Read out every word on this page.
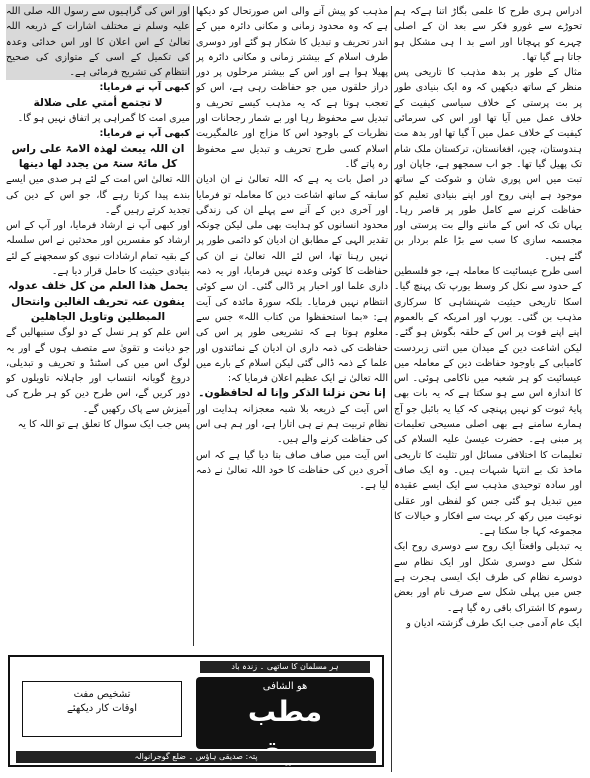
ادراس ہری طرح کا علمی بگاڑ اتنا ہےکہ ہم تحوڑے سے غورو فکر سے بعد ان کے اصلی چہرے کو پہچانا اور اسے بد ا ہی مشکل ہو جاتا ہے گیا تھا۔

مثال کے طور پر بدھ مذہب کا تاریخی پس منظر کے ساتھ دیکھیں کہ وہ ایک بنیادی طور پر بت پرستی کے خلاف سیاسی کیفیت کے خلاف عمل میں آیا تھا اور اس کی سرمائی کیفیت کے خلاف عمل میں آ گیا تھا اور بدھ مت ہندوستان، چین، افغانستان، ترکستان ملک شام تک پھیل گیا تھا۔ جو اب سمجھو ہے، جاپان اور تبت میں اس پوری شان و شوکت کے ساتھ موجود ہے اپنی روح اور اپنے بنیادی تعلیم کو حفاظت کرنے سے کامل طور پر قاصر رہا۔ یہاں تک کہ اس کے ماننے والے بت پرستی اور مجسمہ سازی کا سب سے بڑا علم بردار بن گئے ہیں۔

اسی طرح عیسائیت کا معاملہ ہے، جو فلسطین کے حدود سے نکل کر وسط یورپ تک پہنچ گیا۔ اسکا تاریخی حیثیت شہنشاہی کا سرکاری مذہب بن گئی۔ یورپ اور امریکہ کے بالعموم اپنے اپنے قوت پر اس کے حلقہ بگوش ہو گئے۔ لیکن اشاعت دین کے میدان میں اتنی زبردست کامیابی کے باوجود حفاظت دین کے معاملہ میں عیسائیت کو ہر شعبہ میں ناکامی ہوئی۔ اس کا اندازہ اس سے ہو سکتا ہے کہ یہ بات بھی پایۂ ثبوت کو نہیں پہنچی کہ کیا یہ بائبل جو آج ہمارے سامنے ہے بھی اصلی مسیحی تعلیمات پر مبنی ہے۔ حضرت عیسیٰ علیہ السلام کی تعلیمات کا اختلافی مسائل اور تثلیث کا تاریخی ماخذ تک بے انتہا شبہات ہیں۔ وہ ایک صاف اور سادہ توحیدی مذہب سے ایک ایسے عقیدہ میں تبدیل ہو گئی جس کو لفظی اور عقلی نوعیت میں رکھ کر بہت سے افکار و خیالات کا مجموعہ کہا جا سکتا ہے۔

یہ تبدیلی واقعتاً ایک روح سے دوسری روح ایک شکل سے دوسری شکل اور ایک نظام سے دوسرے نظام کی طرف ایک ایسی ہجرت ہے جس میں پہلی شکل سے صرف نام اور بعض رسوم کا اشتراک باقی رہ گیا ہے۔

ایک عام آدمی جب ایک طرف گزشتہ ادیان و

مذہب کو پیش آنے والی اس صورتحال کو دیکھا ہے کہ وہ محدود زمانی و مکانی دائرہ میں کے اندر تحریف و تبدیل کا شکار ہو گئے اور دوسری طرف اسلام کے بیشتر زمانی و مکانی دائرہ پر پھیلا ہوا ہے اور اس کے بیشتر مرحلوں پر دور دراز حلقوں میں جو حفاظت رہی ہے، اس کو تعجب ہوتا ہے کہ یہ مذہب کیسے تحریف و تبدیل سے محفوظ رہا اور بے شمار رجحانات اور نظریات کے باوجود اس کا مزاج اور عالمگیریت اسلام کسی طرح تحریف و تبدیل سے محفوظ رہ پاتے گا۔

در اصل بات یہ ہے کہ اللہ تعالیٰ نے ان ادیان سابقہ کے ساتھ اشاعت دین کا معاملہ تو فرمایا اور آخری دین کے آنے سے پہلے ان کی زندگی محدود انسانوں کو ہدایت بھی ملی لیکن چونکہ تقدیر الہی کے مطابق ان ادیان کو دائمی طور پر نہیں رہنا تھا، اس لئے اللہ تعالیٰ نے ان کی حفاظت کا کوئی وعدہ نہیں فرمایا، اور یہ ذمہ داری علما اور احبار پر ڈالی گئی۔ ان سے کوئی انتظام نہیں فرمایا۔ بلکہ سورۃ مائدہ کی آیت ہے: «بما استحفظوا من کتاب اللہ» جس سے معلوم ہوتا ہے کہ تشریعی طور پر اس کی حفاظت کی ذمہ داری ان ادیان کے نمائندوں اور علما کے ذمہ ڈالی گئی لیکن اسلام کے بارے میں اللہ تعالیٰ نے ایک عظیم اعلان فرمایا کہ:

إنا نحن نزلنا الذكر وإنا له لحافظون۔

اس آیت کے ذریعہ بلا شبہ معجزانہ ہدایت اور نظام تربیت ہم نے ہی اتارا ہے، اور ہم ہی اس کی حفاظت کرنے والے ہیں۔

اس آیت میں صاف صاف بتا دیا گیا ہے کہ اس آخری دین کی حفاظت کا خود اللہ تعالیٰ نے ذمہ لیا ہے۔

اور اس کی گراہیوں سے رسول اللہ صلی اللہ علیہ وسلم نے مختلف اشارات کے ذریعہ اللہ تعالیٰ کے اس اعلان کا اور اس خدائی وعدہ کی تکمیل کے اسی کے متوازی کی صحیح انتظام کی تشریح فرمائی ہے۔

کبھی آپ نے فرمایا:

لا تجتمع أمتي على ضلالة

میری امت کا گمراہی پر اتفاق نہیں ہو گا۔

کبھی آپ نے فرمایا:

ان اللہ یبعث لھذہ الامۃ علی راس کل مائۃ سنۃ من یجدد لھا دینھا

اللہ تعالیٰ اس امت کے لئے ہر صدی میں ایسے بندے پیدا کرتا رہے گا، جو اس کے دین کی تجدید کرتے رہیں گے۔

اور کبھی آپ نے ارشاد فرمایا، اور آپ کے اس ارشاد کو مفسرین اور محدثین نے اس سلسلہ کے بقیہ تمام ارشادات نبوی کو سمجھنے کے لئے بنیادی حیثیت کا حامل قرار دیا ہے۔

یحمل ھذا العلم من کل خلف عدولہ ینفون عنہ تحریف الغالین وانتحال المبطلین وتاویل الجاھلین

اس علم کو ہر نسل کے دو لوگ سنبھالیں گے جو دیانت و تقویٰ سے متصف ہوں گے اور یہ لوگ اس میں کی اسٹنڈ و تحریف و تبدیلی، دروغ گویانہ انتساب اور جاہلانہ تاویلوں کو دور کریں گے، اس طرح دین کو ہر طرح کی آمیزش سے پاک رکھیں گے۔

پس جب ایک سوال کا تعلق ہے تو اللہ کا یہ

ہر مسلمان کا ساتھی ۔ زندہ باد
ھو الشافی
مطب
تشخیص مفت
اوقات کار دیکھئے
پتہ: صدیقی ہاؤس ۔ ضلع گوجرانوالہ
